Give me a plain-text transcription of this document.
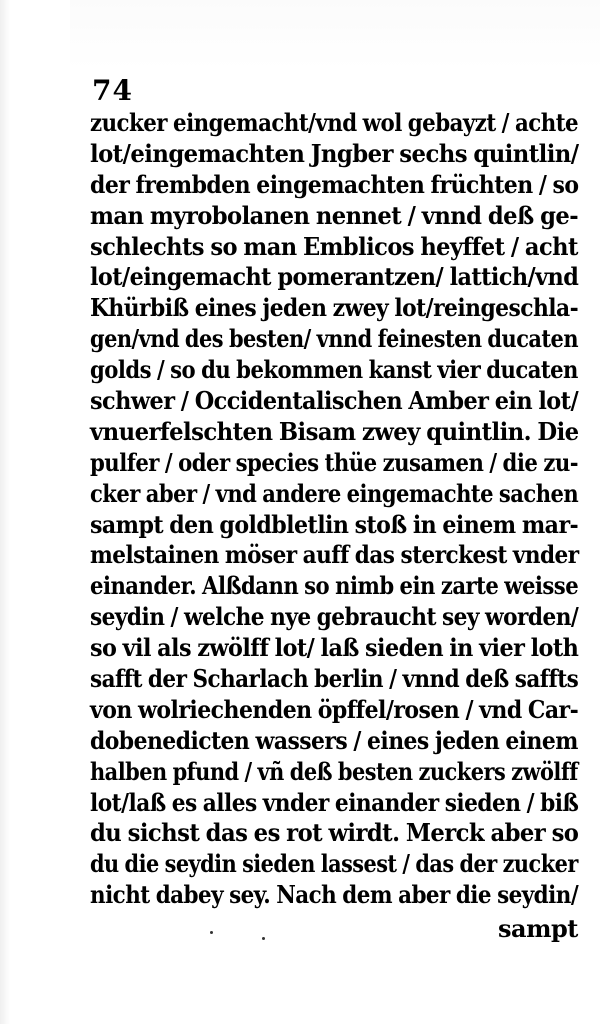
74
zucker eingemacht/vnd wol gebayzt / achte
lot/eingemachten Jngber sechs quintlin/
der frembden eingemachten früchten / so
man myrobolanen nennet / vnnd deß ge-
schlechts so man Emblicos heyffet / acht
lot/eingemacht pomerantzen/ lattich/vnd
Khürbiß eines jeden zwey lot/reingeschla-
gen/vnd des besten/ vnnd feinesten ducaten
golds / so du bekommen kanst vier ducaten
schwer / Occidentalischen Amber ein lot/
vnuerfelschten Bisam zwey quintlin. Die
pulfer / oder species thüe zusamen / die zu-
cker aber / vnd andere eingemachte sachen
sampt den goldbletlin stoß in einem mar-
melstainen möser auff das sterckest vnder
einander. Alßdann so nimb ein zarte weisse
seydin / welche nye gebraucht sey worden/
so vil als zwölff lot/ laß sieden in vier loth
safft der Scharlach berlin / vnnd deß saffts
von wolriechenden öpffel/rosen / vnd Car-
dobenedicten wassers / eines jeden einem
halben pfund / vñ deß besten zuckers zwölff
lot/laß es alles vnder einander sieden / biß
du sichst das es rot wirdt. Merck aber so
du die seydin sieden lassest / das der zucker
nicht dabey sey. Nach dem aber die seydin/
sampt
